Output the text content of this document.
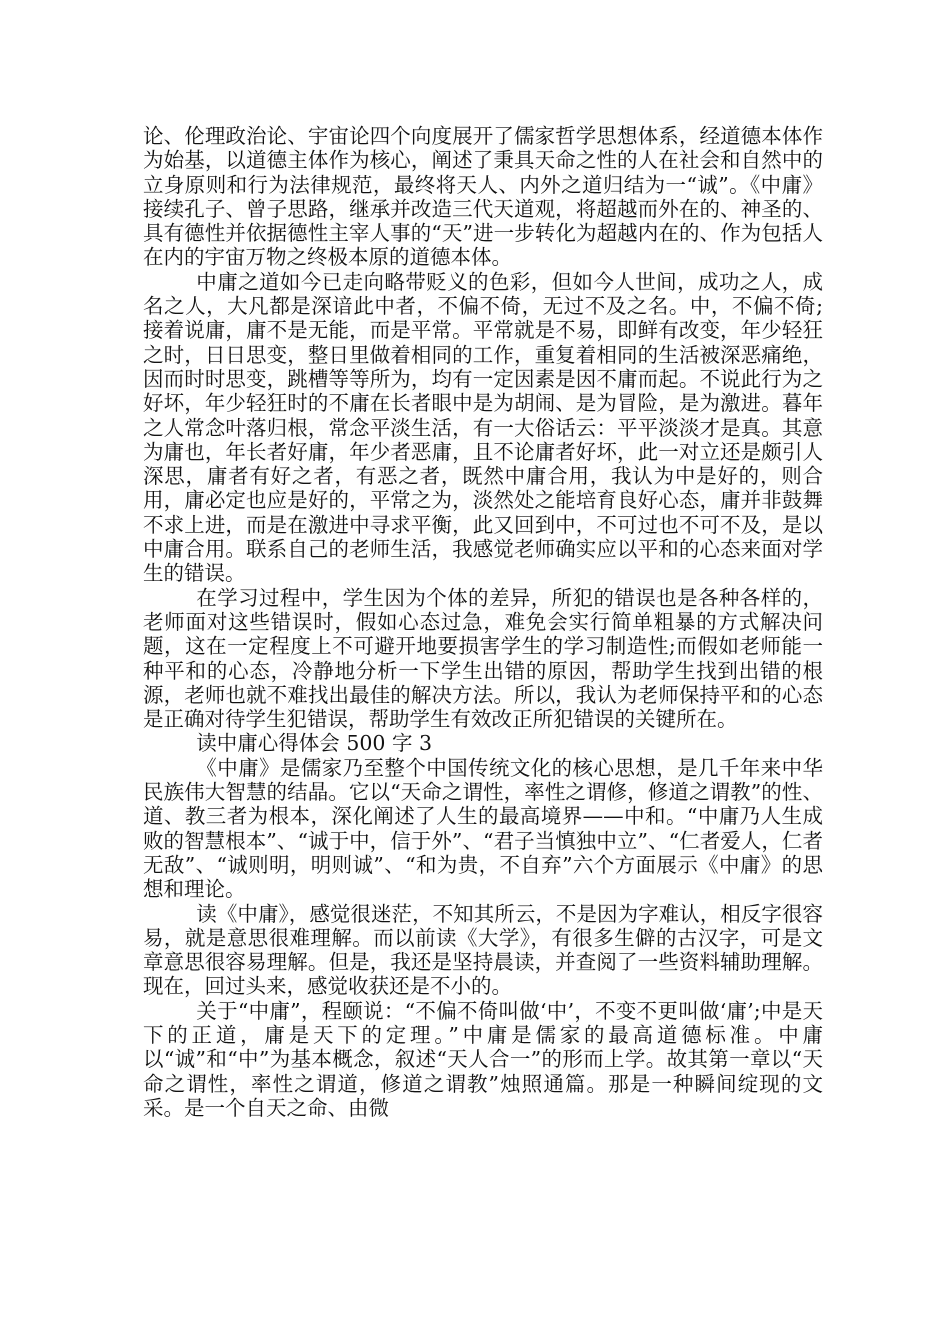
论、伦理政治论、宇宙论四个向度展开了儒家哲学思想体系，经道德本体作为始基，以道德主体作为核心，阐述了秉具天命之性的人在社会和自然中的立身原则和行为法律规范，最终将天人、内外之道归结为一“诚”。《中庸》接续孔子、曾子思路，继承并改造三代天道观，将超越而外在的、神圣的、具有德性并依据德性主宰人事的“天”进一步转化为超越内在的、作为包括人在内的宇宙万物之终极本原的道德本体。

中庸之道如今已走向略带贬义的色彩，但如今人世间，成功之人，成名之人，大凡都是深谙此中者，不偏不倚，无过不及之名。中，不偏不倚;接着说庸，庸不是无能，而是平常。平常就是不易，即鲜有改变，年少轻狂之时，日日思变，整日里做着相同的工作，重复着相同的生活被深恶痛绝，因而时时思变，跳槽等等所为，均有一定因素是因不庸而起。不说此行为之好坏，年少轻狂时的不庸在长者眼中是为胡闹、是为冒险，是为激进。暮年之人常念叶落归根，常念平淡生活，有一大俗话云：平平淡淡才是真。其意为庸也，年长者好庸，年少者恶庸，且不论庸者好坏，此一对立还是颇引人深思，庸者有好之者，有恶之者，既然中庸合用，我认为中是好的，则合用，庸必定也应是好的，平常之为，淡然处之能培育良好心态，庸并非鼓舞不求上进，而是在激进中寻求平衡，此又回到中，不可过也不可不及，是以中庸合用。联系自己的老师生活，我感觉老师确实应以平和的心态来面对学生的错误。

在学习过程中，学生因为个体的差异，所犯的错误也是各种各样的，老师面对这些错误时，假如心态过急，难免会实行简单粗暴的方式解决问题，这在一定程度上不可避开地要损害学生的学习制造性;而假如老师能一种平和的心态，冷静地分析一下学生出错的原因，帮助学生找到出错的根源，老师也就不难找出最佳的解决方法。所以，我认为老师保持平和的心态是正确对待学生犯错误，帮助学生有效改正所犯错误的关键所在。

读中庸心得体会 500 字 3

《中庸》是儒家乃至整个中国传统文化的核心思想，是几千年来中华民族伟大智慧的结晶。它以“天命之谓性，率性之谓修，修道之谓教”的性、道、教三者为根本，深化阐述了人生的最高境界——中和。“中庸乃人生成败的智慧根本”、“诚于中，信于外”、“君子当慎独中立”、“仁者爱人，仁者无敌”、“诚则明，明则诚”、“和为贵，不自弃”六个方面展示《中庸》的思想和理论。

读《中庸》，感觉很迷茫，不知其所云，不是因为字难认，相反字很容易，就是意思很难理解。而以前读《大学》，有很多生僻的古汉字，可是文章意思很容易理解。但是，我还是坚持晨读，并查阅了一些资料辅助理解。现在，回过头来，感觉收获还是不小的。

关于“中庸”，程颐说：“不偏不倚叫做‘中’，不变不更叫做‘庸’;中是天下的正道，庸是天下的定理。”中庸是儒家的最高道德标准。中庸以“诚”和“中”为基本概念，叙述“天人合一”的形而上学。故其第一章以“天命之谓性，率性之谓道，修道之谓教”烛照通篇。那是一种瞬间绽现的文采。是一个自天之命、由微
